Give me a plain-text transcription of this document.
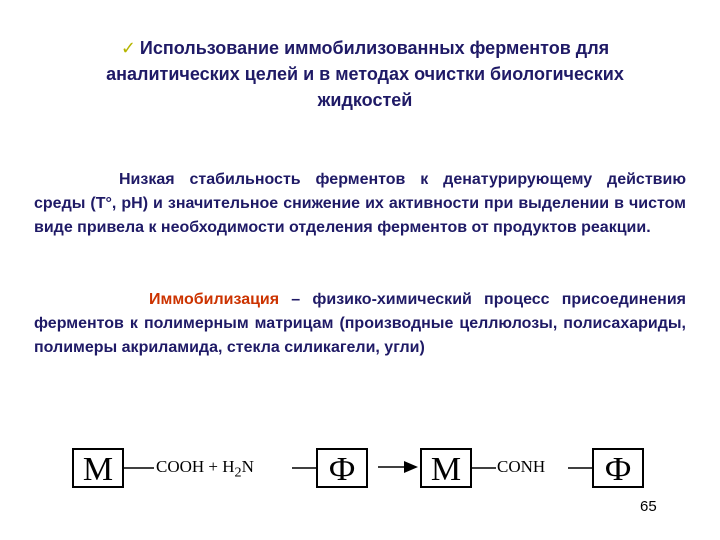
✓ Использование иммобилизованных ферментов для аналитических целей и в методах очистки биологических жидкостей
Низкая стабильность ферментов к денатурирующему действию среды (Т°, рН) и значительное снижение их активности при выделении в чистом виде привела к необходимости отделения ферментов от продуктов реакции.
Иммобилизация – физико-химический процесс присоединения ферментов к полимерным матрицам (производные целлюлозы, полисахариды, полимеры акриламида, стекла силикагели, угли)
M	COOH + $H_2N$	Ф	→ M	CONH	Ф
65
